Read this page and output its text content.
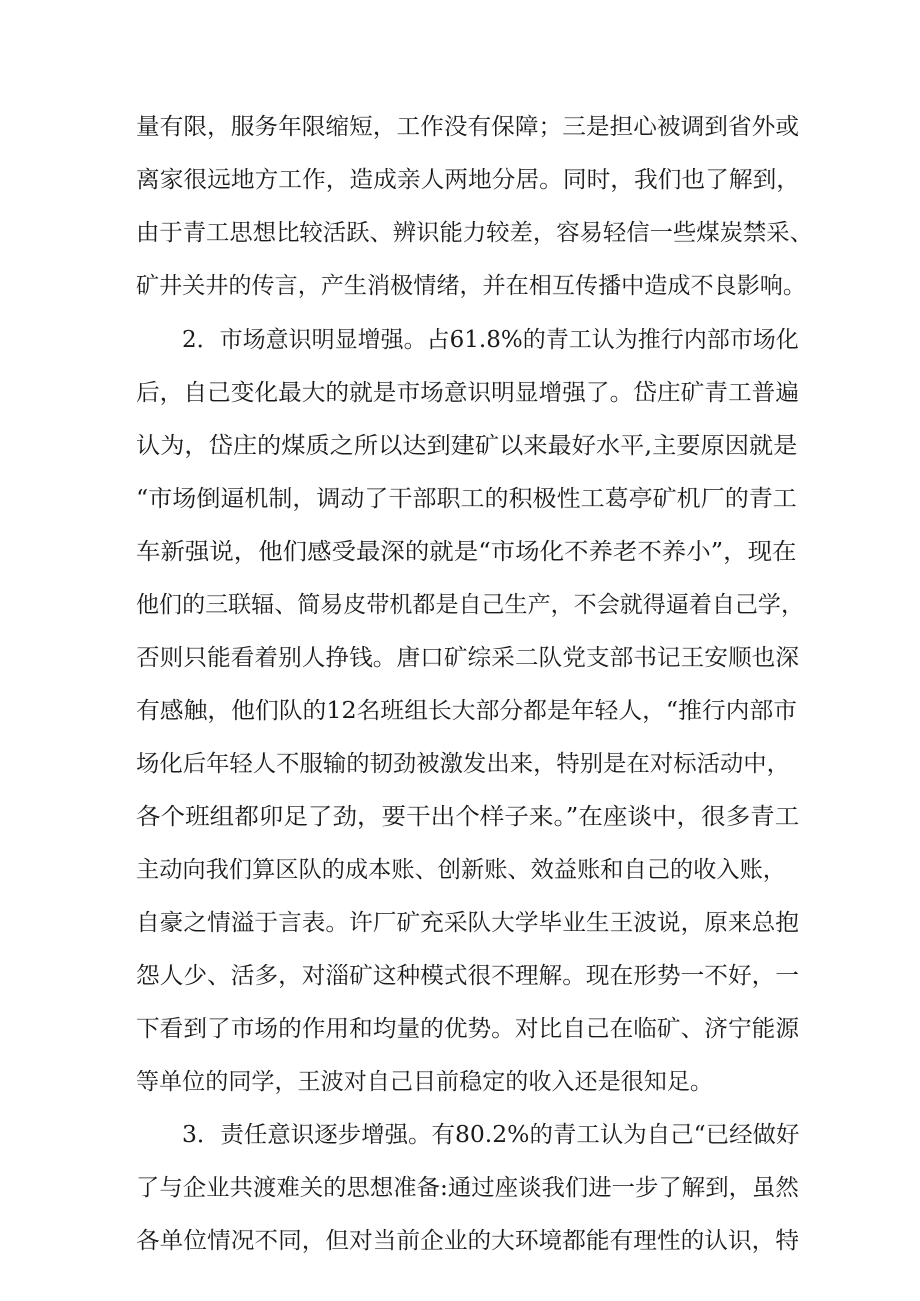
量有限，服务年限缩短，工作没有保障；三是担心被调到省外或
离家很远地方工作，造成亲人两地分居。同时，我们也了解到，
由于青工思想比较活跃、辨识能力较差，容易轻信一些煤炭禁采、
矿井关井的传言，产生消极情绪，并在相互传播中造成不良影响。
2．市场意识明显增强。占61.8%的青工认为推行内部市场化
后，自己变化最大的就是市场意识明显增强了。岱庄矿青工普遍
认为，岱庄的煤质之所以达到建矿以来最好水平,主要原因就是
“市场倒逼机制，调动了干部职工的积极性工葛亭矿机厂的青工
车新强说，他们感受最深的就是“市场化不养老不养小”，现在
他们的三联辐、简易皮带机都是自己生产，不会就得逼着自己学，
否则只能看着别人挣钱。唐口矿综采二队党支部书记王安顺也深
有感触，他们队的12名班组长大部分都是年轻人，“推行内部市
场化后年轻人不服输的韧劲被激发出来，特别是在对标活动中，
各个班组都卯足了劲，要干出个样子来。”在座谈中，很多青工
主动向我们算区队的成本账、创新账、效益账和自己的收入账，
自豪之情溢于言表。许厂矿充采队大学毕业生王波说，原来总抱
怨人少、活多，对淄矿这种模式很不理解。现在形势一不好，一
下看到了市场的作用和均量的优势。对比自己在临矿、济宁能源
等单位的同学，王波对自己目前稳定的收入还是很知足。
3．责任意识逐步增强。有80.2%的青工认为自己“已经做好
了与企业共渡难关的思想准备:通过座谈我们进一步了解到，虽然
各单位情况不同，但对当前企业的大环境都能有理性的认识，特
